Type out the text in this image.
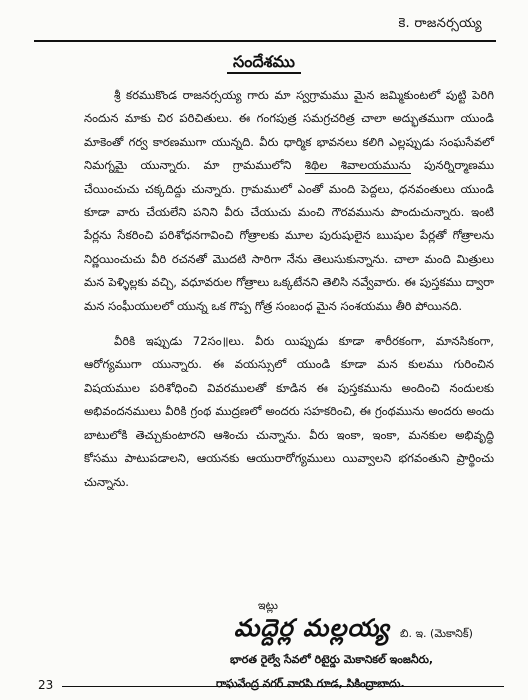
కె. రాజనర్సయ్య
సందేశము

శ్రీ కరముకొండ రాజనర్సయ్య గారు మా స్వగ్రామము మైన జమ్మికుంటలో పుట్టి పెరిగి నందున మాకు చిర పరిచితులు. ఈ గంగపుత్ర సమగ్రచరిత్ర చాలా అద్భుతముగా యుండి మాకెంతో గర్వ కారణముగా యున్నది. వీరు ధార్మిక భావనలు కలిగి ఎల్లప్పుడు సంఘసేవలో నిమగ్నమై యున్నారు. మా గ్రామములోని శిథిల శివాలయమును పునర్నిర్మాణము చేయించుచు చక్కదిద్దు చున్నారు. గ్రామములో ఎంతో మంది పెద్దలు, ధనవంతులు యుండి కూడా వారు చేయలేని పనిని వీరు చేయుచు మంచి గౌరవమును పొందుచున్నారు. ఇంటి పేర్లను సేకరించి పరిశోధనగావించి గోత్రాలకు మూల పురుషులైన ఋషుల పేర్లతో గోత్రాలను నిర్ణయించుచు వీరి రచనతో మొదటి సారిగా నేను తెలుసుకున్నాను. చాలా మంది మిత్రులు మన పెళ్ళిల్లకు వచ్చి, వధూవరుల గోత్రాలు ఒక్కటేనని తెలిసి నవ్వేవారు. ఈ పుస్తకము ద్వారా మన సంఘీయులలో యున్న ఒక గొప్ప గోత్ర సంబంధ మైన సంశయము తీరి పోయినది.

వీరికి ఇప్పుడు 72సం॥లు. వీరు యిప్పుడు కూడా శారీరకంగా, మానసికంగా, ఆరోగ్యముగా యున్నారు. ఈ వయస్సులో యుండి కూడా మన కులము గురించిన విషయముల పరిశోధించి వివరములతో కూడిన ఈ పుస్తకమును అందించి నందులకు అభివందనములు వీరికి గ్రంథ ముద్రణలో అందరు సహకరించి, ఈ గ్రంథమును అందరు అందు బాటులోకి తెచ్చుకుంటారని ఆశించు చున్నాను. వీరు ఇంకా, ఇంకా, మనకుల అభివృద్ధి కోసము పాటుపడాలని, ఆయనకు ఆయురారోగ్యములు యివ్వాలని భగవంతుని ప్రార్థించు చున్నాను.

ఇట్లు
మద్దెర్ల మల్లయ్య బి. ఇ. (మెకానిక్)
భారత రైల్వే సేవలో రిటైర్డు మెకానికల్ ఇంజనీరు,
రాఘవేంద్ర నగర్ వారసి గూడ, సికింద్రాబాదు.
23
